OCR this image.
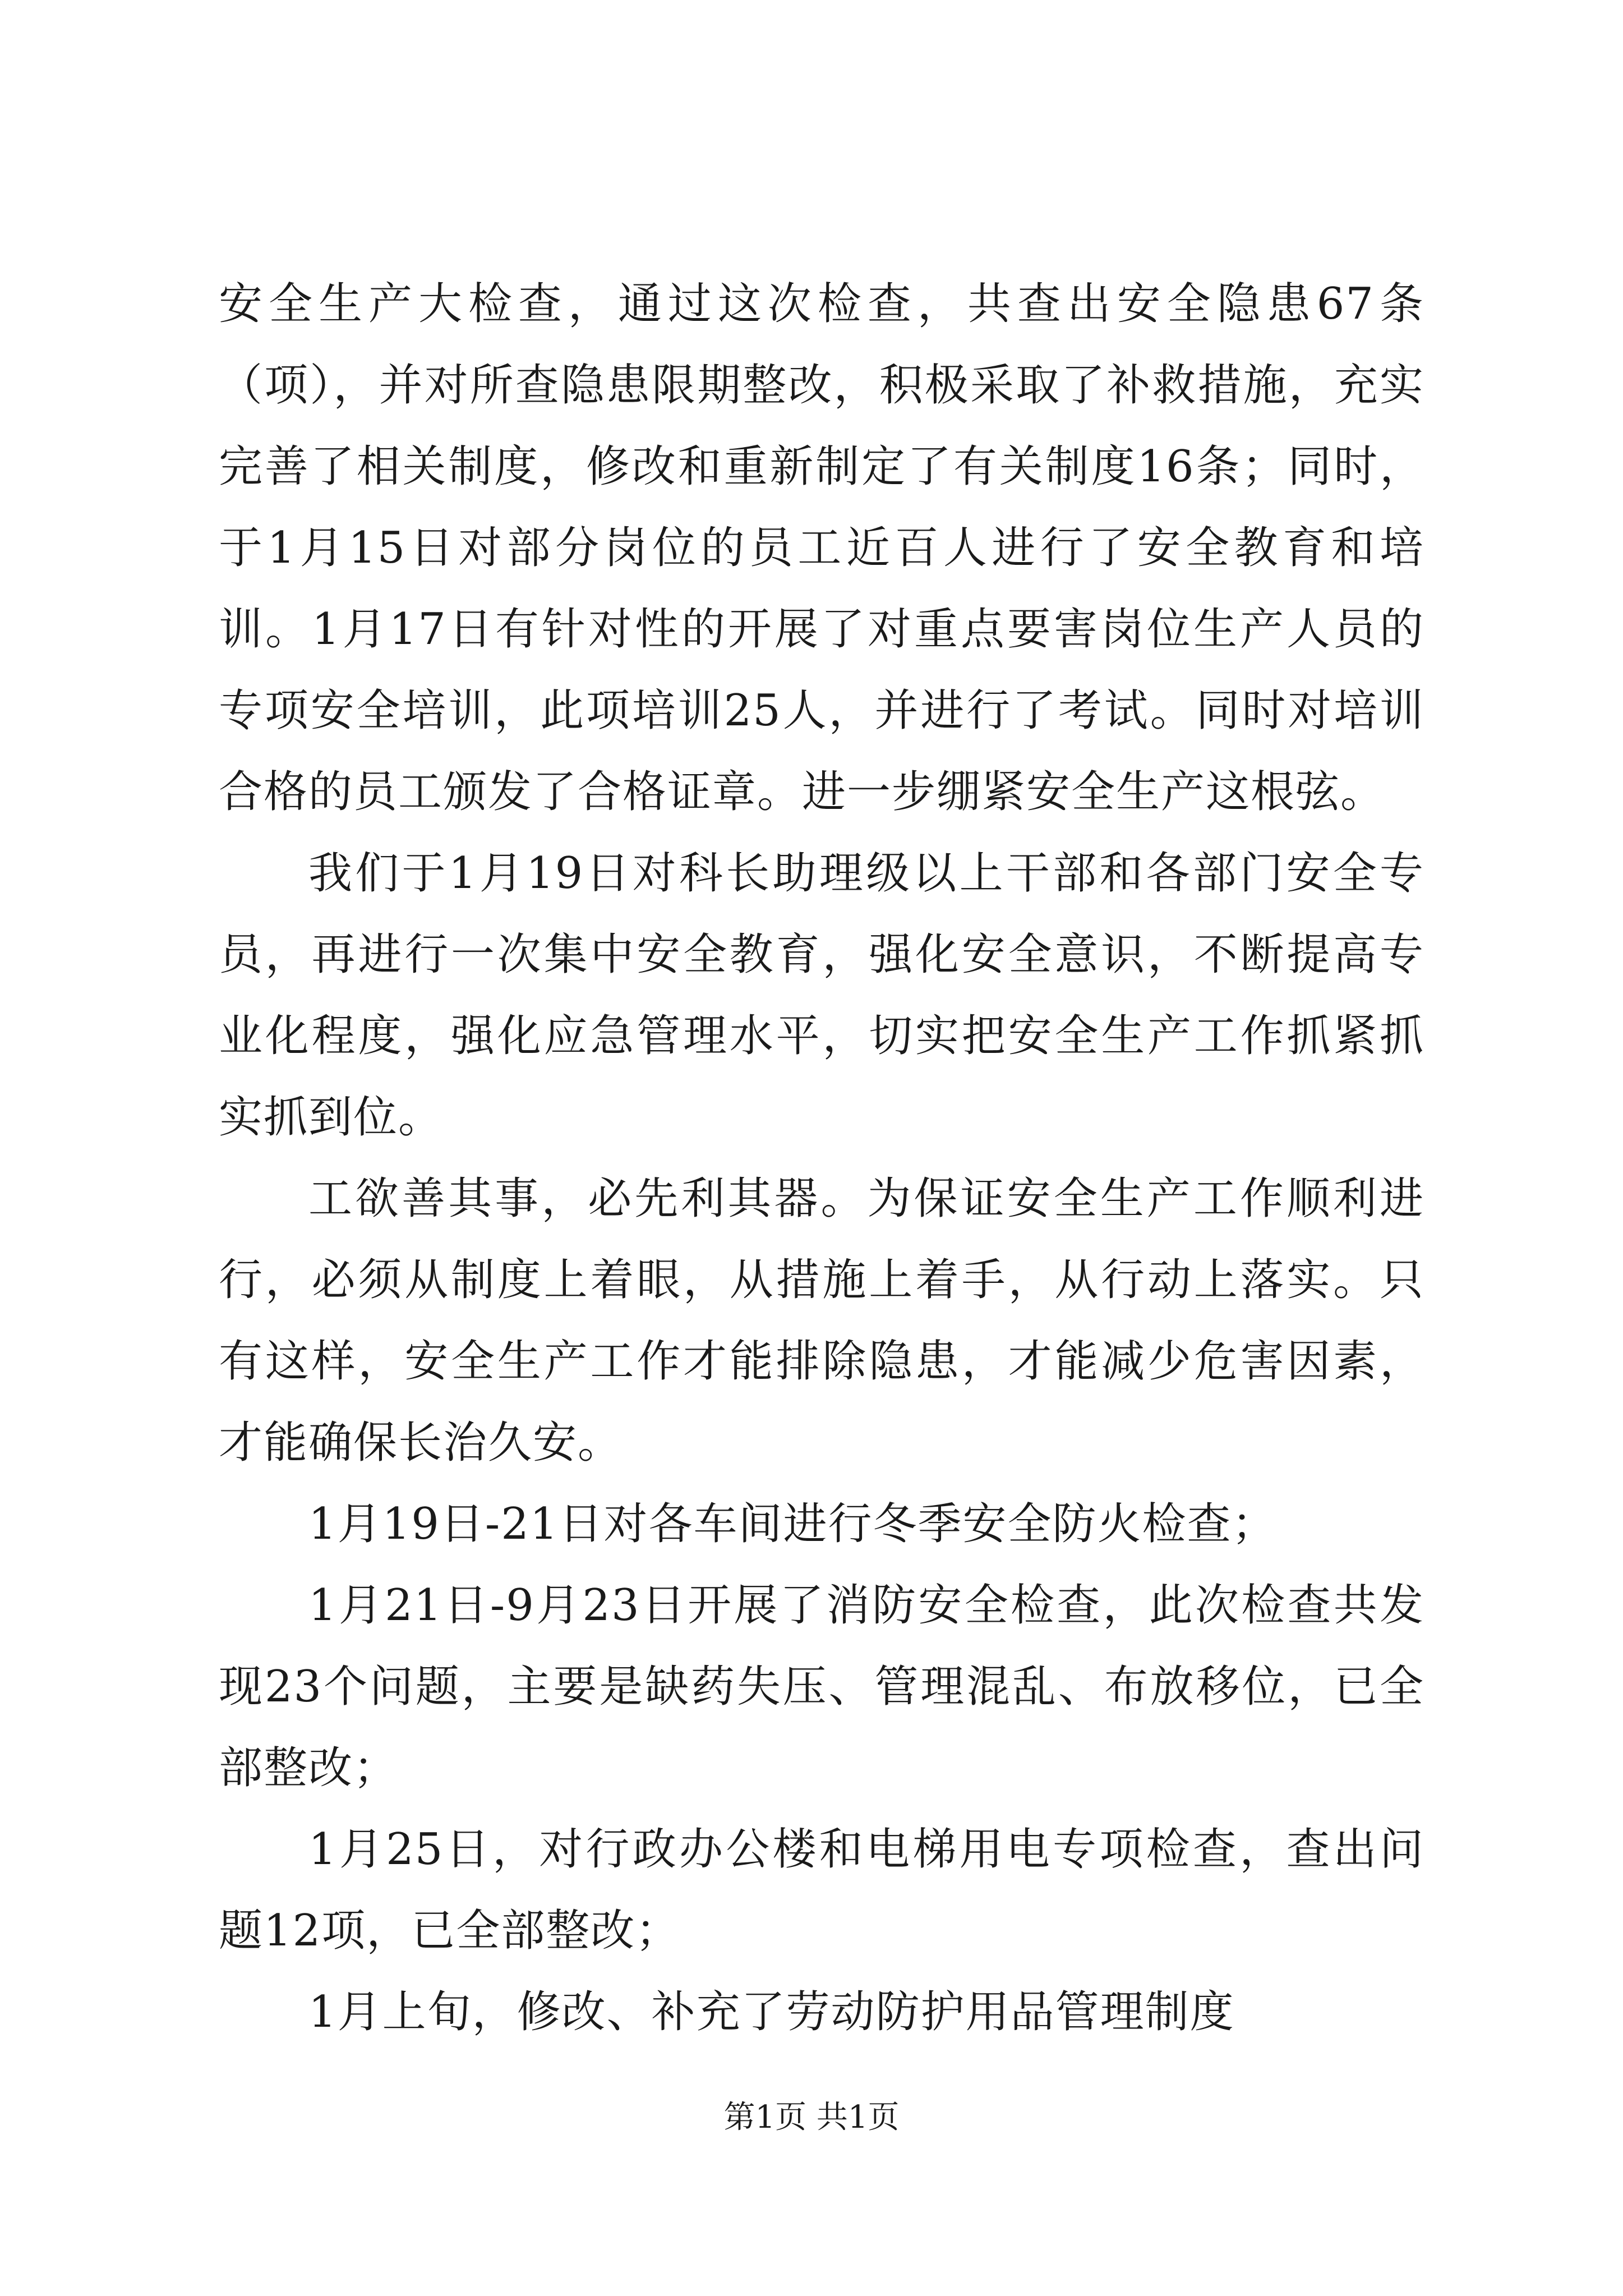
安全生产大检查，通过这次检查，共查出安全隐患67条（项），并对所查隐患限期整改，积极采取了补救措施，充实完善了相关制度，修改和重新制定了有关制度16条；同时，于1月15日对部分岗位的员工近百人进行了安全教育和培训。1月17日有针对性的开展了对重点要害岗位生产人员的专项安全培训，此项培训25人，并进行了考试。同时对培训合格的员工颁发了合格证章。进一步绷紧安全生产这根弦。

我们于1月19日对科长助理级以上干部和各部门安全专员，再进行一次集中安全教育，强化安全意识，不断提高专业化程度，强化应急管理水平，切实把安全生产工作抓紧抓实抓到位。

工欲善其事，必先利其器。为保证安全生产工作顺利进行，必须从制度上着眼，从措施上着手，从行动上落实。只有这样，安全生产工作才能排除隐患，才能减少危害因素，才能确保长治久安。

1月19日-21日对各车间进行冬季安全防火检查；

1月21日-9月23日开展了消防安全检查，此次检查共发现23个问题，主要是缺药失压、管理混乱、布放移位，已全部整改；

1月25日，对行政办公楼和电梯用电专项检查，查出问题12项，已全部整改；

1月上旬，修改、补充了劳动防护用品管理制度

第1页 共1页
